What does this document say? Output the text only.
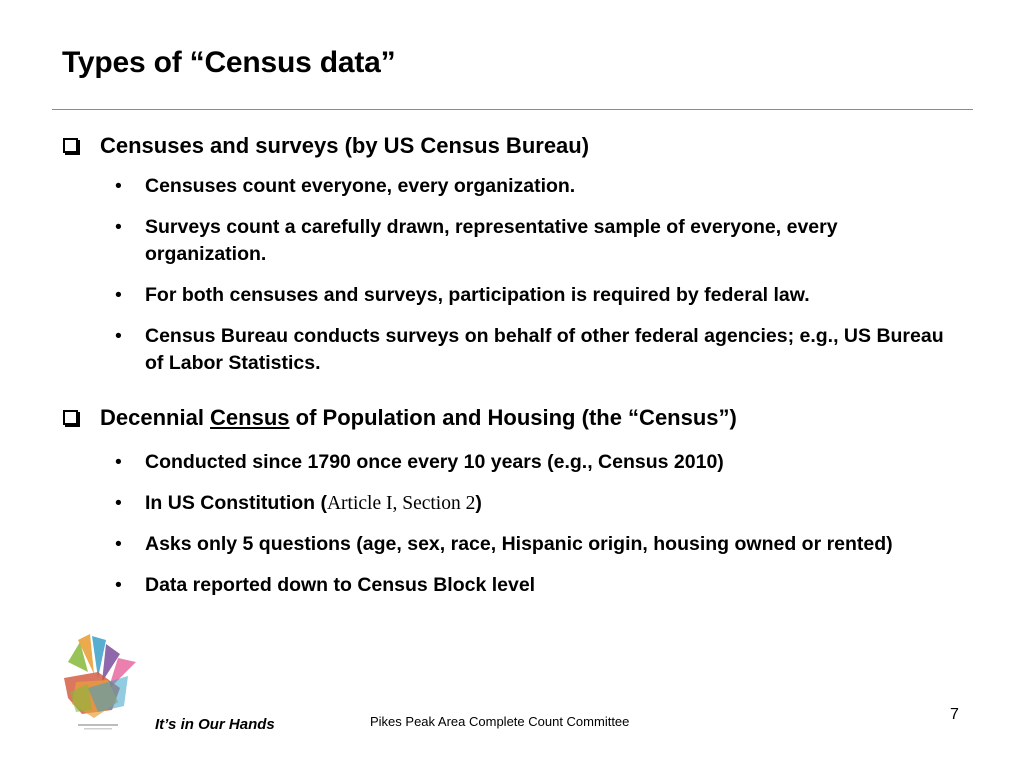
Types of “Census data”
Censuses and surveys (by US Census Bureau)
• Censuses count everyone, every organization.
• Surveys count a carefully drawn, representative sample of everyone, every organization.
• For both censuses and surveys, participation is required by federal law.
• Census Bureau conducts surveys on behalf of other federal agencies; e.g., US Bureau of Labor Statistics.
Decennial Census of Population and Housing (the “Census”)
• Conducted since 1790 once every 10 years (e.g., Census 2010)
• In US Constitution (Article I, Section 2)
• Asks only 5 questions (age, sex, race, Hispanic origin, housing owned or rented)
• Data reported down to Census Block level
It’s in Our Hands	Pikes Peak Area Complete Count Committee	7
